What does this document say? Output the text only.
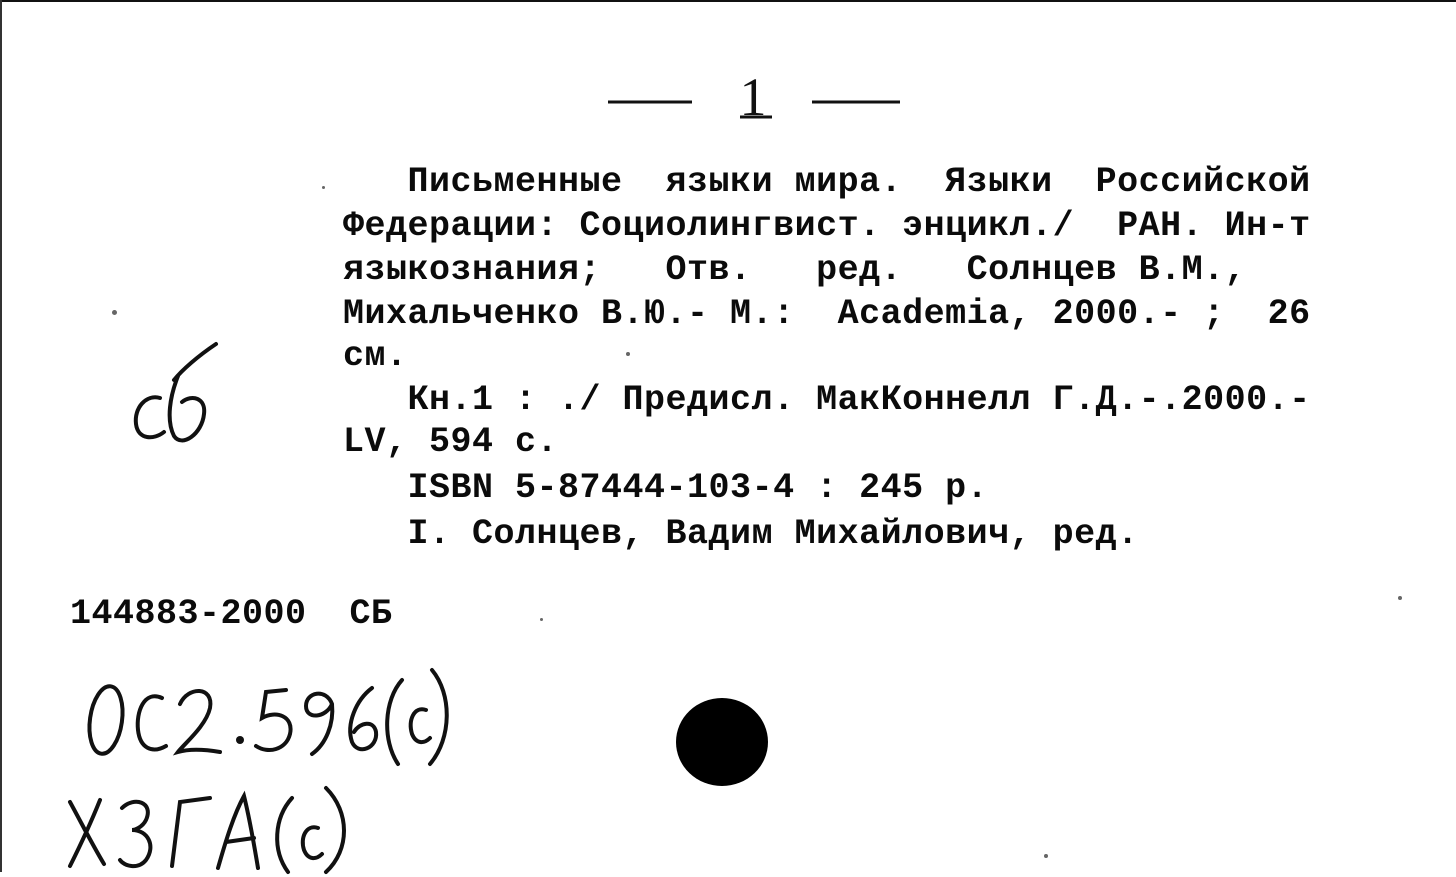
1
Письменные  языки мира.  Языки  Российской
Федерации: Социолингвист. энцикл./  РАН. Ин-т
языкознания;   Отв.   ред.   Солнцев В.М.,
Михальченко В.Ю.- М.:  Academia, 2000.- ;  26
см.
Кн.1 : ./ Предисл. МакКоннелл Г.Д.-.2000.-
LV, 594 с.
ISBN 5-87444-103-4 : 245 р.
I. Солнцев, Вадим Михайлович, ред.
144883-2000  СБ
